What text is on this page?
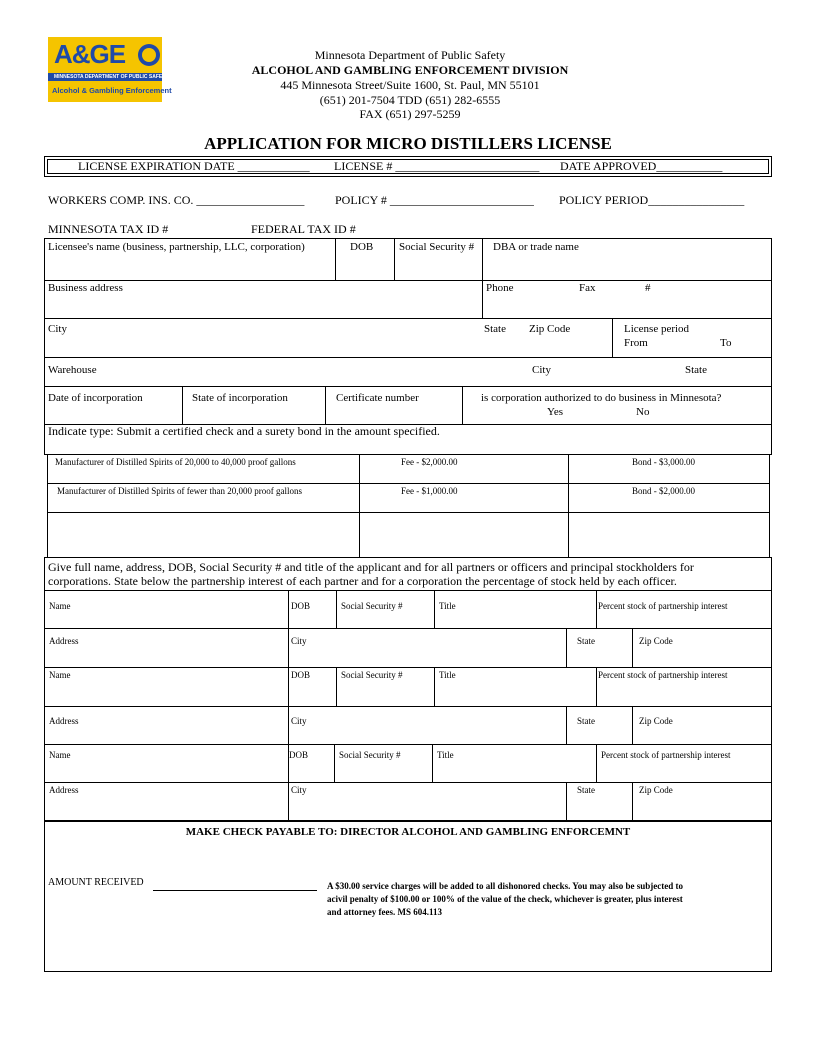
A&GE
MINNESOTA DEPARTMENT OF PUBLIC SAFETY
Alcohol & Gambling Enforcement
Minnesota Department of Public Safety
ALCOHOL AND GAMBLING ENFORCEMENT DIVISION
445 Minnesota Street/Suite 1600, St. Paul, MN 55101
(651) 201-7504 TDD (651) 282-6555
FAX (651) 297-5259
APPLICATION FOR MICRO DISTILLERS LICENSE
LICENSE EXPIRATION DATE ____________ LICENSE # ________________________ DATE APPROVED___________
WORKERS COMP. INS. CO. __________________	POLICY # ________________________ POLICY PERIOD________________
MINNESOTA TAX ID #	FEDERAL TAX ID #
Licensee's name (business, partnership, LLC, corporation)	DOB Social Security # DBA or trade name
Business address	Phone	Fax	#
City	State Zip Code	License period
From	To
Warehouse	City	State
Date of incorporation	State of incorporation	Certificate number	is corporation authorized to do business in Minnesota?
Yes	No
Indicate type: Submit a certified check and a surety bond in the amount specified.
Manufacturer of Distilled Spirits of 20,000 to 40,000 proof gallons	Fee - $2,000.00	Bond - $3,000.00
Manufacturer of Distilled Spirits of fewer than 20,000 proof gallons	Fee - $1,000.00	Bond - $2,000.00
Give full name, address, DOB, Social Security # and title of the applicant and for all partners or officers and principal stockholders for
corporations. State below the partnership interest of each partner and for a corporation the percentage of stock held by each officer.
Name	DOB	Social Security #	Title	Percent stock of partnership interest
Address	City	State	Zip Code
Name	DOB	Social Security #	Title	Percent stock of partnership interest
Address	City	State	Zip Code
Name	DOB	Social Security #	Title	Percent stock of partnership interest
Address	City	State	Zip Code
MAKE CHECK PAYABLE TO: DIRECTOR ALCOHOL AND GAMBLING ENFORCEMNT
AMOUNT RECEIVED	A $30.00 service charges will be added to all dishonored checks. You may also be subjected to
acivil penalty of $100.00 or 100% of the value of the check, whichever is greater, plus interest
and attorney fees. MS 604.113
